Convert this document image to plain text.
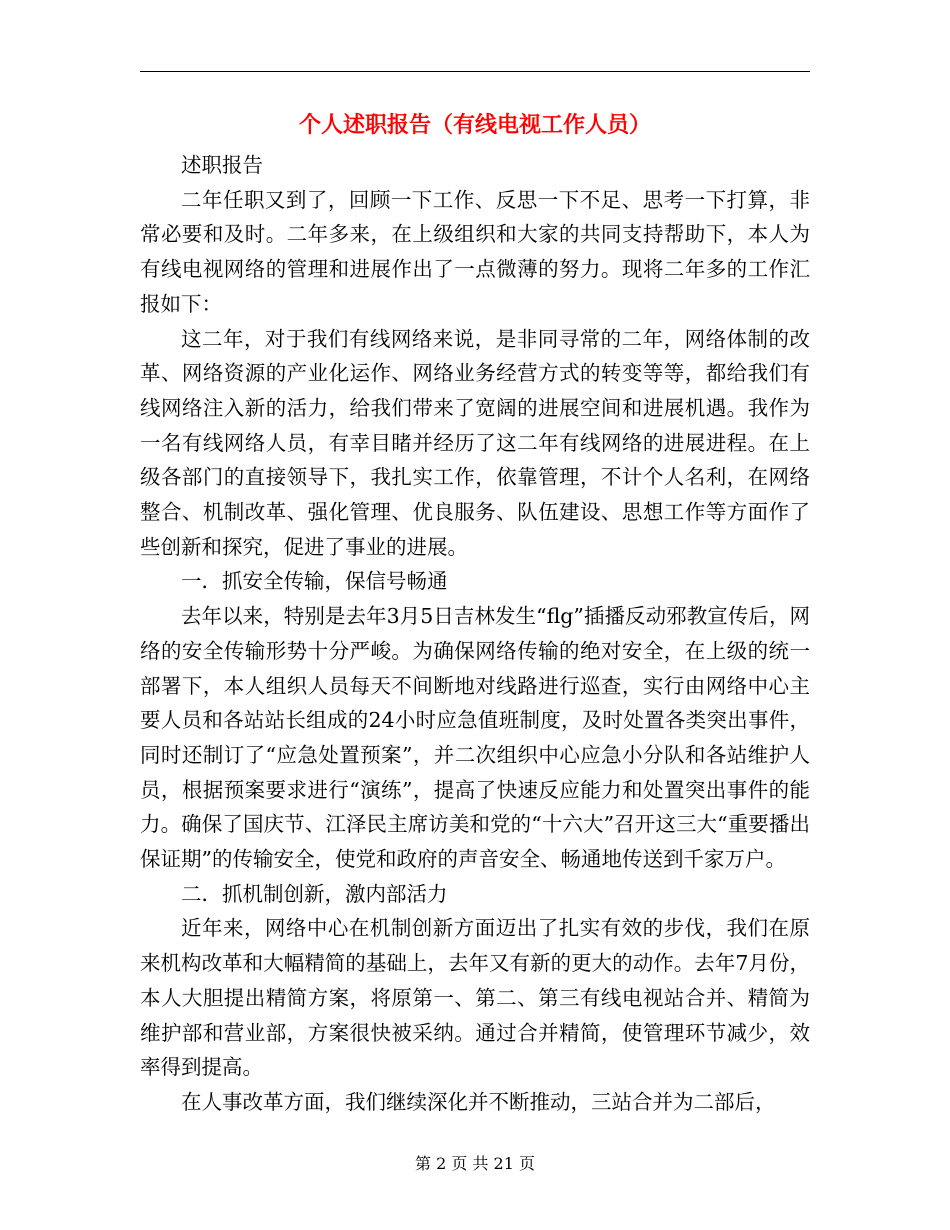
个人述职报告（有线电视工作人员）

述职报告

二年任职又到了，回顾一下工作、反思一下不足、思考一下打算，非常必要和及时。二年多来，在上级组织和大家的共同支持帮助下，本人为有线电视网络的管理和进展作出了一点微薄的努力。现将二年多的工作汇报如下：

这二年，对于我们有线网络来说，是非同寻常的二年，网络体制的改革、网络资源的产业化运作、网络业务经营方式的转变等等，都给我们有线网络注入新的活力，给我们带来了宽阔的进展空间和进展机遇。我作为一名有线网络人员，有幸目睹并经历了这二年有线网络的进展进程。在上级各部门的直接领导下，我扎实工作，依靠管理，不计个人名利，在网络整合、机制改革、强化管理、优良服务、队伍建设、思想工作等方面作了些创新和探究，促进了事业的进展。

一．抓安全传输，保信号畅通

去年以来，特别是去年3月5日吉林发生“flg”插播反动邪教宣传后，网络的安全传输形势十分严峻。为确保网络传输的绝对安全，在上级的统一部署下，本人组织人员每天不间断地对线路进行巡查，实行由网络中心主要人员和各站站长组成的24小时应急值班制度，及时处置各类突出事件，同时还制订了“应急处置预案”，并二次组织中心应急小分队和各站维护人员，根据预案要求进行“演练”，提高了快速反应能力和处置突出事件的能力。确保了国庆节、江泽民主席访美和党的“十六大”召开这三大“重要播出保证期”的传输安全，使党和政府的声音安全、畅通地传送到千家万户。

二．抓机制创新，激内部活力

近年来，网络中心在机制创新方面迈出了扎实有效的步伐，我们在原来机构改革和大幅精简的基础上，去年又有新的更大的动作。去年7月份，本人大胆提出精简方案，将原第一、第二、第三有线电视站合并、精简为维护部和营业部，方案很快被采纳。通过合并精简，使管理环节减少，效率得到提高。

在人事改革方面，我们继续深化并不断推动，三站合并为二部后，

第 2 页 共 21 页
